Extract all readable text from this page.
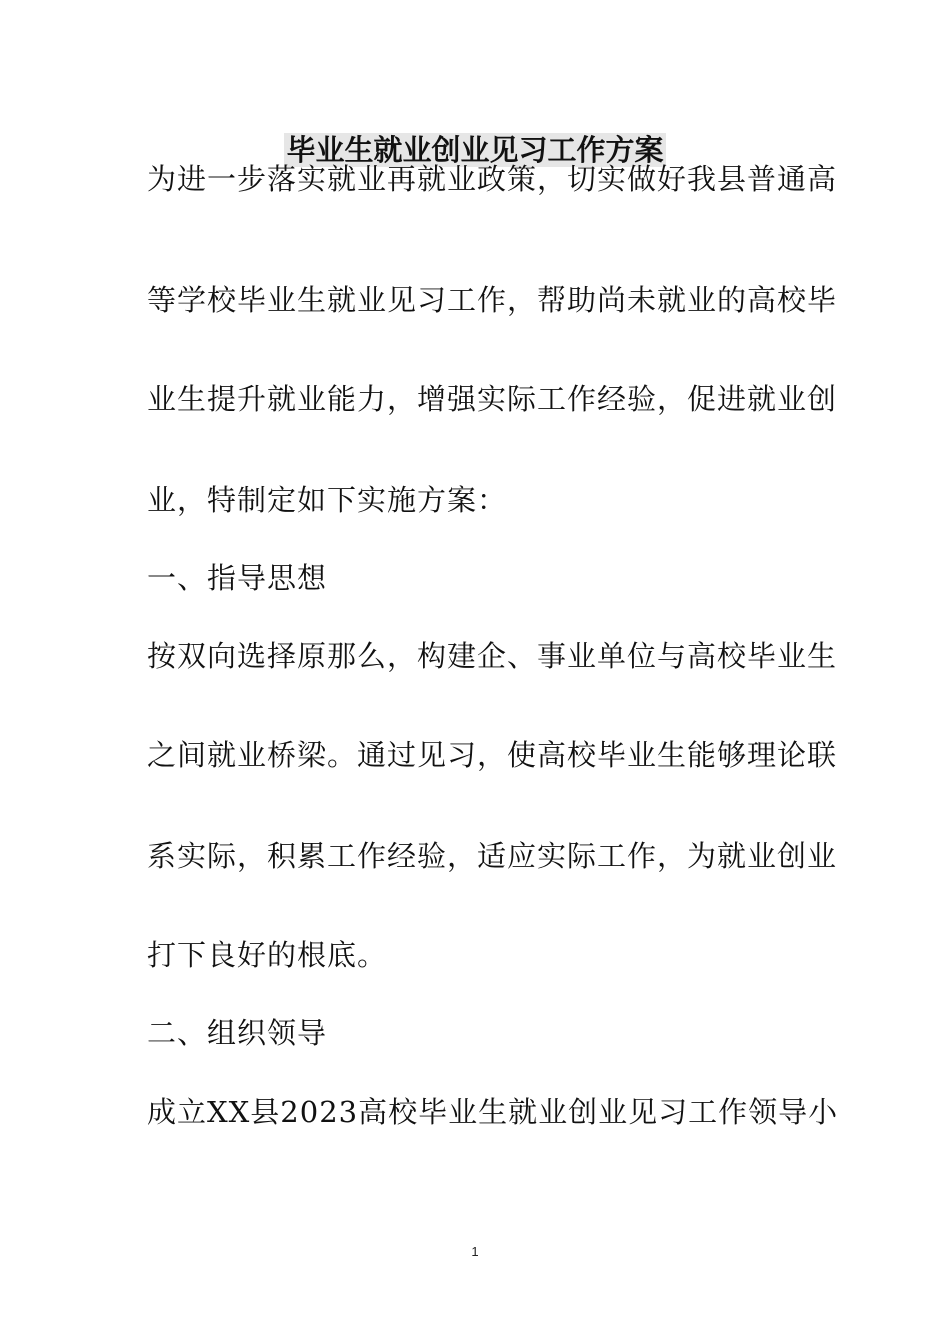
毕业生就业创业见习工作方案
为进一步落实就业再就业政策，切实做好我县普通高
等学校毕业生就业见习工作，帮助尚未就业的高校毕
业生提升就业能力，增强实际工作经验，促进就业创
业，特制定如下实施方案：
一、指导思想
按双向选择原那么，构建企、事业单位与高校毕业生
之间就业桥梁。通过见习，使高校毕业生能够理论联
系实际，积累工作经验，适应实际工作，为就业创业
打下良好的根底。
二、组织领导
成立XX县2023高校毕业生就业创业见习工作领导小
1
